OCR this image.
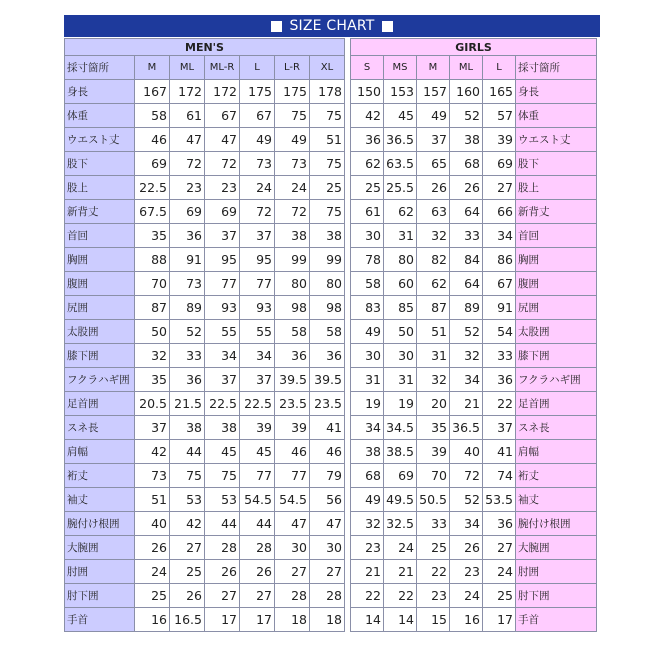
SIZE CHART
MEN'S						
採寸箇所	M	ML	ML-R	L	L-R	XL
身長	167	172	172	175	175	178
体重	58	61	67	67	75	75
ウエスト丈	46	47	47	49	49	51
股下	69	72	72	73	73	75
股上	22.5	23	23	24	24	25
新背丈	67.5	69	69	72	72	75
首回	35	36	37	37	38	38
胸囲	88	91	95	95	99	99
腹囲	70	73	77	77	80	80
尻囲	87	89	93	93	98	98
太股囲	50	52	55	55	58	58
膝下囲	32	33	34	34	36	36
フクラハギ囲	35	36	37	37	39.5	39.5
足首囲	20.5	21.5	22.5	22.5	23.5	23.5
スネ長	37	38	38	39	39	41
肩幅	42	44	45	45	46	46
裄丈	73	75	75	77	77	79
袖丈	51	53	53	54.5	54.5	56
腕付け根囲	40	42	44	44	47	47
大腕囲	26	27	28	28	30	30
肘囲	24	25	26	26	27	27
肘下囲	25	26	27	27	28	28
手首	16	16.5	17	17	18	18
GIRLS					
S	MS	M	ML	L	採寸箇所
150	153	157	160	165	身長
42	45	49	52	57	体重
36	36.5	37	38	39	ウエスト丈
62	63.5	65	68	69	股下
25	25.5	26	26	27	股上
61	62	63	64	66	新背丈
30	31	32	33	34	首回
78	80	82	84	86	胸囲
58	60	62	64	67	腹囲
83	85	87	89	91	尻囲
49	50	51	52	54	太股囲
30	30	31	32	33	膝下囲
31	31	32	34	36	フクラハギ囲
19	19	20	21	22	足首囲
34	34.5	35	36.5	37	スネ長
38	38.5	39	40	41	肩幅
68	69	70	72	74	裄丈
49	49.5	50.5	52	53.5	袖丈
32	32.5	33	34	36	腕付け根囲
23	24	25	26	27	大腕囲
21	21	22	23	24	肘囲
22	22	23	24	25	肘下囲
14	14	15	16	17	手首
